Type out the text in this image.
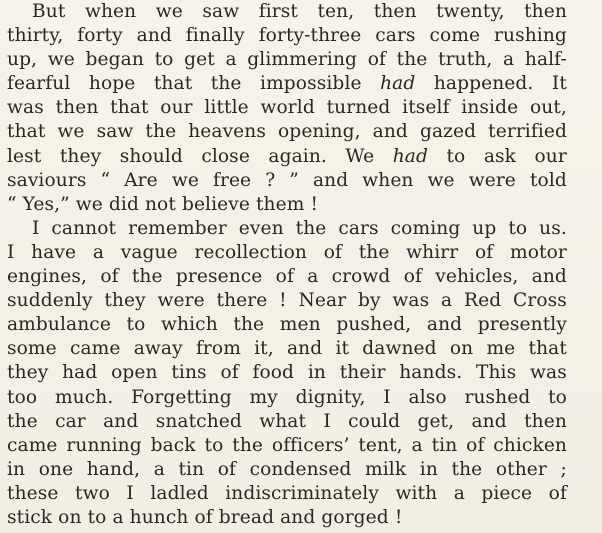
But when we saw first ten, then twenty, then
thirty, forty and finally forty-three cars come rushing
up, we began to get a glimmering of the truth, a half-
fearful hope that the impossible had happened. It
was then that our little world turned itself inside out,
that we saw the heavens opening, and gazed terrified
lest they should close again. We had to ask our
saviours “ Are we free ? ” and when we were told
“
Yes,”
we
did
not
believe
them
!
I cannot remember even the cars coming up to us.
I have a vague recollection of the whirr of motor
engines, of the presence of a crowd of vehicles, and
suddenly they were there ! Near by was a Red Cross
ambulance to which the men pushed, and presently
some came away from it, and it dawned on me that
they had open tins of food in their hands. This was
too much. Forgetting my dignity, I also rushed to
the car and snatched what I could get, and then
came running back to the officers’ tent, a tin of chicken
in one hand, a tin of condensed milk in the other ;
these two I ladled indiscriminately with a piece of
stick
on
to
a
hunch
of
bread
and
gorged
!
